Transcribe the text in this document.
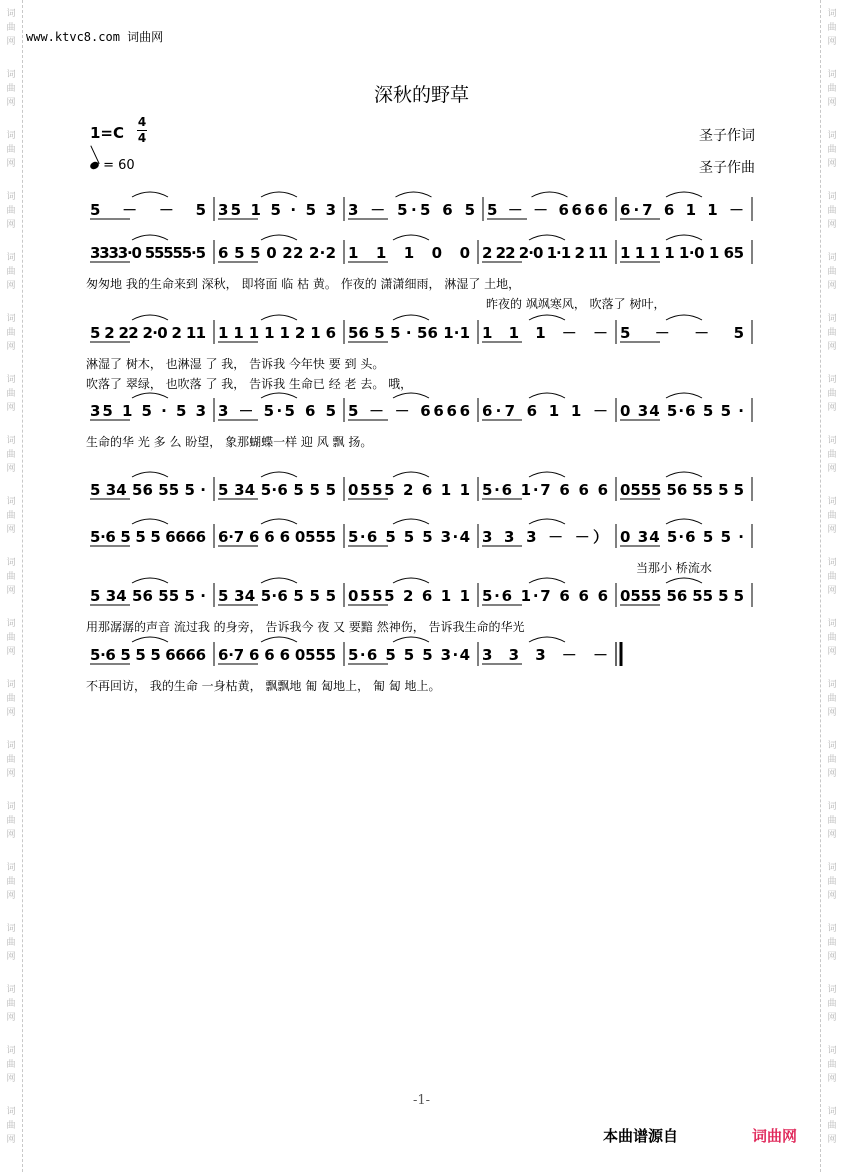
词
曲
网
词
曲
网
词
曲
网
词
曲
网
词
曲
网
词
曲
网
词
曲
网
词
曲
网
词
曲
网
词
曲
网
词
曲
网
词
曲
网
词
曲
网
词
曲
网
词
曲
网
词
曲
网
词
曲
网
词
曲
网
词
曲
网
词
曲
网
词
曲
网
词
曲
网
词
曲
网
词
曲
网
词
曲
网
词
曲
网
词
曲
网
词
曲
网
词
曲
网
词
曲
网
词
曲
网
词
曲
网
词
曲
网
词
曲
网
词
曲
网
词
曲
网
词
曲
网
词
曲
网
www.ktvc8.com 词曲网
深秋的野草
1=C
4
4
= 60
圣子作词
圣子作曲
5 － － 5 35 1 5 · 5 3 3 － 5·5 6 5 5 － － 6666 6·7 6 1 1 －
3333·0 55555·5 6 5 5 0 22 2·2 1 1 1 0 0 2 22 2·0 1·1 2 11 1 1 1 1 1·0 1 65
匆匆地 我的生命来到 深秋， 即将面 临 枯 黄。 作夜的 潇潇细雨， 淋湿了 土地，
昨夜的 飒飒寒风， 吹落了 树叶，
5 2 22 2·0 2 11 1 1 1 1 1 2 1 6 56 5 5 · 56 1·1 1 1 1 － － 5 － － 5
淋湿了 树木， 也淋湿 了 我， 告诉我 今年快 要 到 头。
吹落了 翠绿， 也吹落 了 我， 告诉我 生命已 经 老 去。 哦，
35 1 5 · 5 3 3 － 5·5 6 5 5 － － 6666 6·7 6 1 1 － 0 34 5·6 5 5 ·
生命的华 光 多 么 盼望， 象那蝴蝶一样 迎 风 飘 扬。
5 34 56 55 5 · 5 34 5·6 5 5 5 0555 2 6 1 1 5·6 1·7 6 6 6 0555 56 55 5 5
5·6 5 5 5 6666 6·7 6 6 6 0555 5·6 5 5 5 3·4 3 3 3 － －） 0 34 5·6 5 5 ·
当那小 桥流水
5 34 56 55 5 · 5 34 5·6 5 5 5 0555 2 6 1 1 5·6 1·7 6 6 6 0555 56 55 5 5
用那潺潺的声音 流过我 的身旁， 告诉我今 夜 又 要黯 然神伤， 告诉我生命的华光
5·6 5 5 5 6666 6·7 6 6 6 0555 5·6 5 5 5 3·4 3 3 3 － －
不再回访， 我的生命 一身枯黄， 飘飘地 匍 匐地上， 匍 匐 地上。
-1-
本曲谱源自	词曲网
